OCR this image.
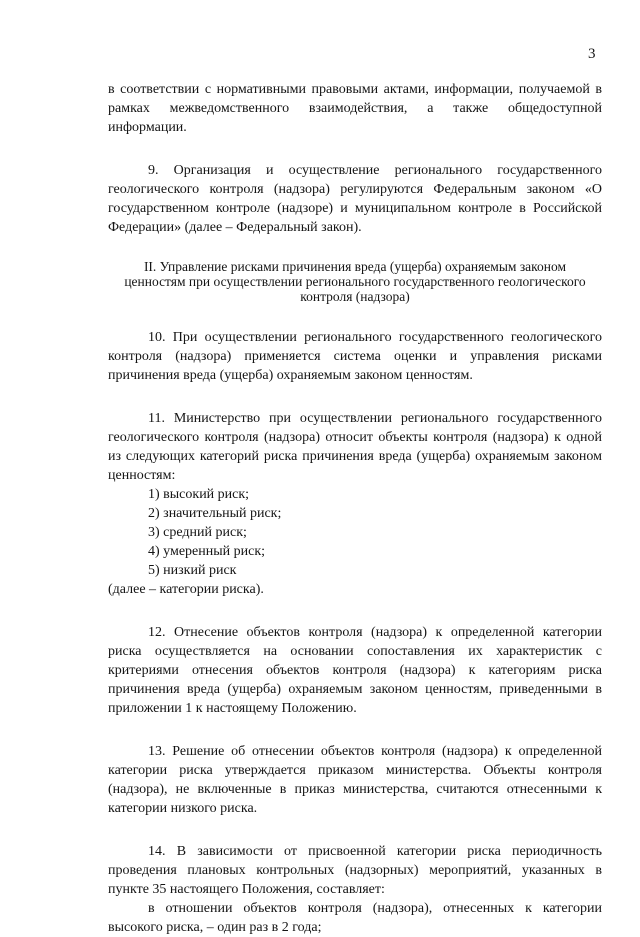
3

в соответствии с нормативными правовыми актами, информации, получаемой в рамках межведомственного взаимодействия, а также общедоступной информации.

9. Организация и осуществление регионального государственного геологического контроля (надзора) регулируются Федеральным законом «О государственном контроле (надзоре) и муниципальном контроле в Российской Федерации» (далее – Федеральный закон).

II. Управление рисками причинения вреда (ущерба) охраняемым законом ценностям при осуществлении регионального государственного геологического контроля (надзора)

10. При осуществлении регионального государственного геологического контроля (надзора) применяется система оценки и управления рисками причинения вреда (ущерба) охраняемым законом ценностям.

11. Министерство при осуществлении регионального государственного геологического контроля (надзора) относит объекты контроля (надзора) к одной из следующих категорий риска причинения вреда (ущерба) охраняемым законом ценностям:

1) высокий риск;

2) значительный риск;

3) средний риск;

4) умеренный риск;

5) низкий риск

(далее – категории риска).

12. Отнесение объектов контроля (надзора) к определенной категории риска осуществляется на основании сопоставления их характеристик с критериями отнесения объектов контроля (надзора) к категориям риска причинения вреда (ущерба) охраняемым законом ценностям, приведенными в приложении 1 к настоящему Положению.

13. Решение об отнесении объектов контроля (надзора) к определенной категории риска утверждается приказом министерства. Объекты контроля (надзора), не включенные в приказ министерства, считаются отнесенными к категории низкого риска.

14. В зависимости от присвоенной категории риска периодичность проведения плановых контрольных (надзорных) мероприятий, указанных в пункте 35 настоящего Положения, составляет:

в отношении объектов контроля (надзора), отнесенных к категории высокого риска, – один раз в 2 года;
